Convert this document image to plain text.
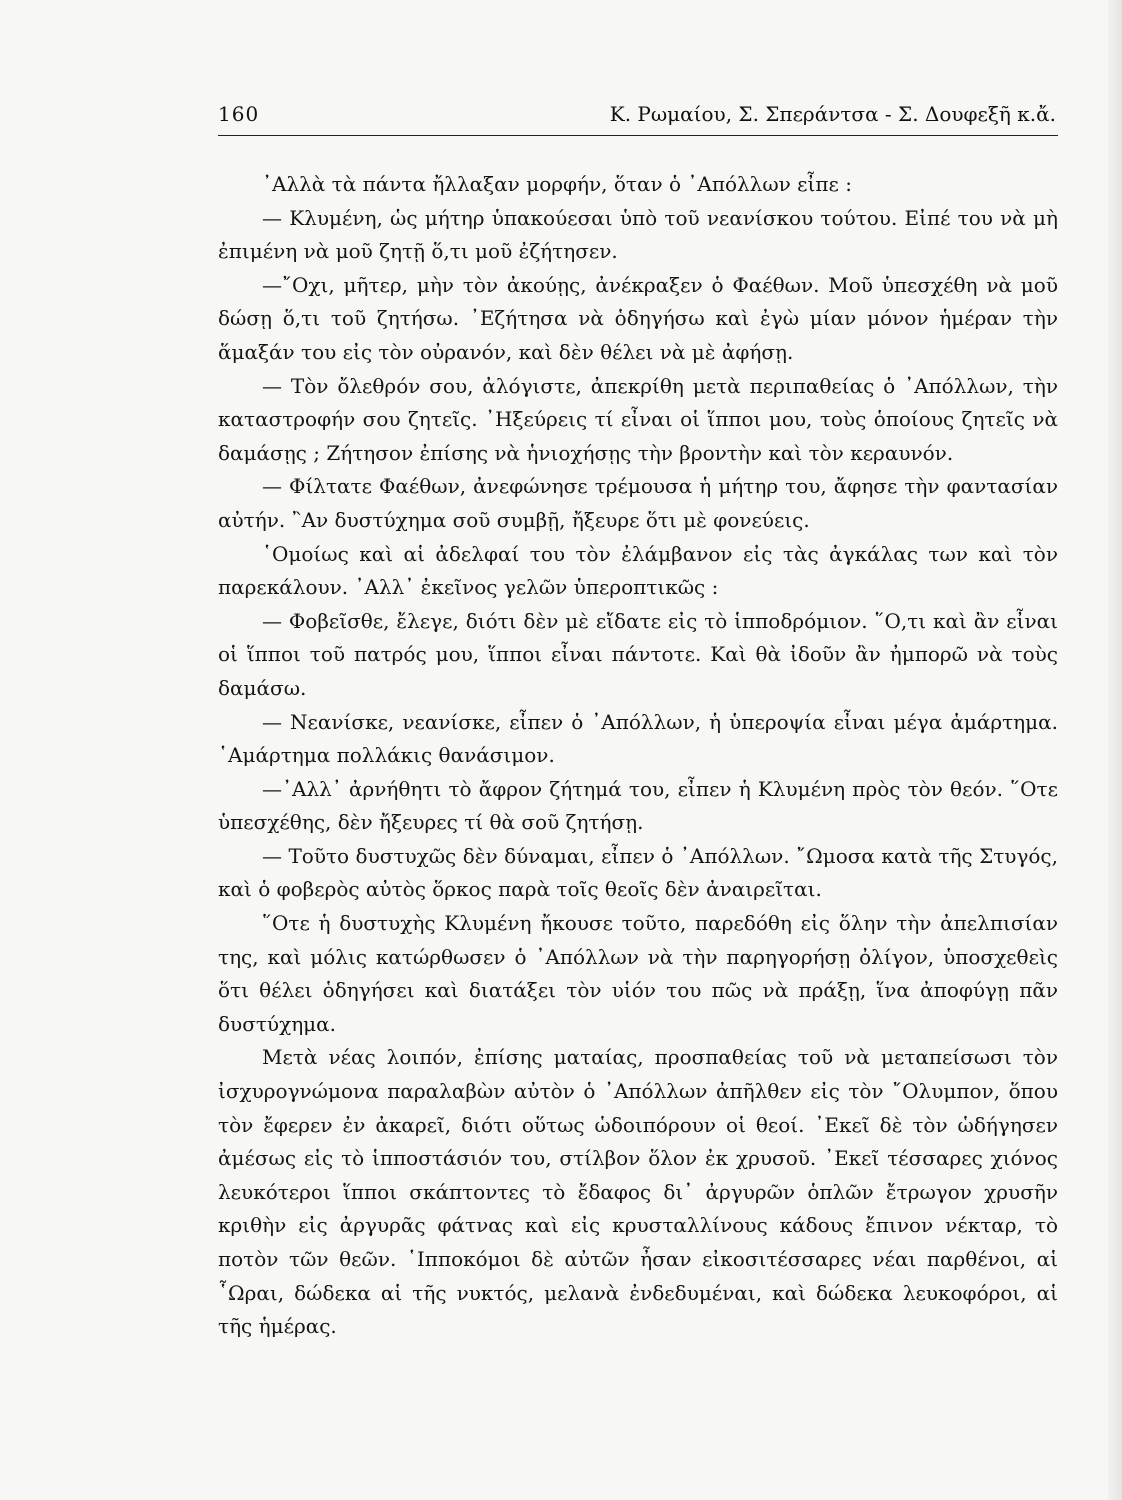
160	Κ. Ρωμαίου, Σ. Σπεράντσα - Σ. Δουφεξῆ κ.ἄ.

᾿Αλλὰ τὰ πάντα ἤλλαξαν μορφήν, ὅταν ὁ ᾿Απόλλων εἶπε :

— Κλυμένη, ὡς μήτηρ ὑπακούεσαι ὑπὸ τοῦ νεανίσκου τούτου. Εἰπέ του νὰ μὴ ἐπιμένη νὰ μοῦ ζητῇ ὅ,τι μοῦ ἐζήτησεν.

—῎Οχι, μῆτερ, μὴν τὸν ἀκούῃς, ἀνέκραξεν ὁ Φαέθων. Μοῦ ὑπεσχέθη νὰ μοῦ δώσῃ ὅ,τι τοῦ ζητήσω. ᾿Εζήτησα νὰ ὁδηγήσω καὶ ἐγὼ μίαν μόνον ἡμέραν τὴν ἅμαξάν του εἰς τὸν οὐρανόν, καὶ δὲν θέλει νὰ μὲ ἀφήσῃ.

— Τὸν ὄλεθρόν σου, ἀλόγιστε, ἀπεκρίθη μετὰ περιπαθείας ὁ ᾿Απόλλων, τὴν καταστροφήν σου ζητεῖς. ᾿Ηξεύρεις τί εἶναι οἱ ἵπποι μου, τοὺς ὁποίους ζητεῖς νὰ δαμάσῃς ; Ζήτησον ἐπίσης νὰ ἡνιοχήσῃς τὴν βροντὴν καὶ τὸν κεραυνόν.

— Φίλτατε Φαέθων, ἀνεφώνησε τρέμουσα ἡ μήτηρ του, ἄφησε τὴν φαντασίαν αὐτήν. ῍Αν δυστύχημα σοῦ συμβῇ, ἤξευρε ὅτι μὲ φονεύεις.

῾Ομοίως καὶ αἱ ἀδελφαί του τὸν ἐλάμβανον εἰς τὰς ἀγκάλας των καὶ τὸν παρεκάλουν. ᾿Αλλ᾿ ἐκεῖνος γελῶν ὑπεροπτικῶς :

— Φοβεῖσθε, ἔλεγε, διότι δὲν μὲ εἴδατε εἰς τὸ ἱπποδρόμιον. ῞Ο,τι καὶ ἂν εἶναι οἱ ἵπποι τοῦ πατρός μου, ἵπποι εἶναι πάντοτε. Καὶ θὰ ἰδοῦν ἂν ἠμπορῶ νὰ τοὺς δαμάσω.

— Νεανίσκε, νεανίσκε, εἶπεν ὁ ᾿Απόλλων, ἡ ὑπεροψία εἶναι μέγα ἁμάρτημα. ῾Αμάρτημα πολλάκις θανάσιμον.

—᾿Αλλ᾿ ἀρνήθητι τὸ ἄφρον ζήτημά του, εἶπεν ἡ Κλυμένη πρὸς τὸν θεόν. ῞Οτε ὑπεσχέθης, δὲν ἤξευρες τί θὰ σοῦ ζητήσῃ.

— Τοῦτο δυστυχῶς δὲν δύναμαι, εἶπεν ὁ ᾿Απόλλων. ῎Ωμοσα κατὰ τῆς Στυγός, καὶ ὁ φοβερὸς αὐτὸς ὅρκος παρὰ τοῖς θεοῖς δὲν ἀναιρεῖται.

῞Οτε ἡ δυστυχὴς Κλυμένη ἤκουσε τοῦτο, παρεδόθη εἰς ὅλην τὴν ἀπελπισίαν της, καὶ μόλις κατώρθωσεν ὁ ᾿Απόλλων νὰ τὴν παρηγορήσῃ ὀλίγον, ὑποσχεθεὶς ὅτι θέλει ὁδηγήσει καὶ διατάξει τὸν υἱόν του πῶς νὰ πράξῃ, ἵνα ἀποφύγῃ πᾶν δυστύχημα.

Μετὰ νέας λοιπόν, ἐπίσης ματαίας, προσπαθείας τοῦ νὰ μεταπείσωσι τὸν ἰσχυρογνώμονα παραλαβὼν αὐτὸν ὁ ᾿Απόλλων ἀπῆλθεν εἰς τὸν ῎Ολυμπον, ὅπου τὸν ἔφερεν ἐν ἀκαρεῖ, διότι οὕτως ὡδοιπόρουν οἱ θεοί. ᾿Εκεῖ δὲ τὸν ὡδήγησεν ἀμέσως εἰς τὸ ἱπποστάσιόν του, στίλβον ὅλον ἐκ χρυσοῦ. ᾿Εκεῖ τέσσαρες χιόνος λευκότεροι ἵπποι σκάπτοντες τὸ ἔδαφος δι᾿ ἀργυρῶν ὁπλῶν ἔτρωγον χρυσῆν κριθὴν εἰς ἀργυρᾶς φάτνας καὶ εἰς κρυσταλλίνους κάδους ἔπινον νέκταρ, τὸ ποτὸν τῶν θεῶν. ῾Ιπποκόμοι δὲ αὐτῶν ἦσαν εἰκοσιτέσσαρες νέαι παρθένοι, αἱ ῟Ωραι, δώδεκα αἱ τῆς νυκτός, μελανὰ ἐνδεδυμέναι, καὶ δώδεκα λευκοφόροι, αἱ τῆς ἡμέρας.
